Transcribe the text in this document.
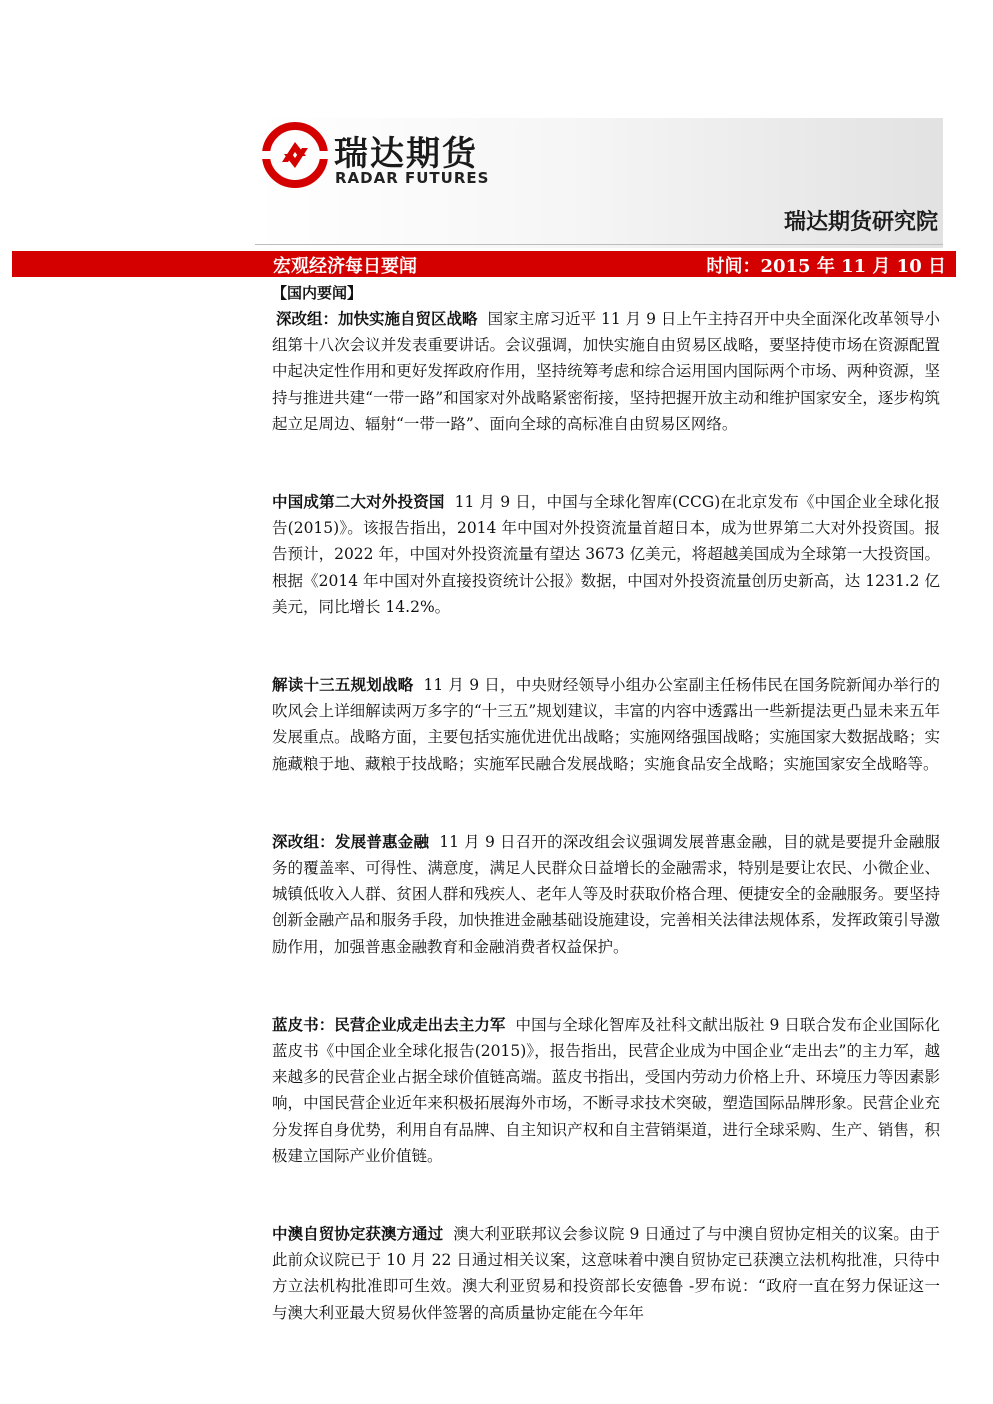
瑞达期货
RADAR FUTURES
瑞达期货研究院
宏观经济每日要闻	时间：2015 年 11 月 10 日
【国内要闻】

深改组：加快实施自贸区战略 国家主席习近平 11 月 9 日上午主持召开中央全面深化改革领导小组第十八次会议并发表重要讲话。会议强调，加快实施自由贸易区战略，要坚持使市场在资源配置中起决定性作用和更好发挥政府作用，坚持统筹考虑和综合运用国内国际两个市场、两种资源，坚持与推进共建“一带一路”和国家对外战略紧密衔接，坚持把握开放主动和维护国家安全，逐步构筑起立足周边、辐射“一带一路”、面向全球的高标准自由贸易区网络。

中国成第二大对外投资国 11 月 9 日，中国与全球化智库(CCG)在北京发布《中国企业全球化报告(2015)》。该报告指出，2014 年中国对外投资流量首超日本，成为世界第二大对外投资国。报告预计，2022 年，中国对外投资流量有望达 3673 亿美元，将超越美国成为全球第一大投资国。根据《2014 年中国对外直接投资统计公报》数据，中国对外投资流量创历史新高，达 1231.2 亿美元，同比增长 14.2%。

解读十三五规划战略 11 月 9 日，中央财经领导小组办公室副主任杨伟民在国务院新闻办举行的吹风会上详细解读两万多字的“十三五”规划建议，丰富的内容中透露出一些新提法更凸显未来五年发展重点。战略方面，主要包括实施优进优出战略；实施网络强国战略；实施国家大数据战略；实施藏粮于地、藏粮于技战略；实施军民融合发展战略；实施食品安全战略；实施国家安全战略等。

深改组：发展普惠金融 11 月 9 日召开的深改组会议强调发展普惠金融，目的就是要提升金融服务的覆盖率、可得性、满意度，满足人民群众日益增长的金融需求，特别是要让农民、小微企业、城镇低收入人群、贫困人群和残疾人、老年人等及时获取价格合理、便捷安全的金融服务。要坚持创新金融产品和服务手段，加快推进金融基础设施建设，完善相关法律法规体系，发挥政策引导激励作用，加强普惠金融教育和金融消费者权益保护。

蓝皮书：民营企业成走出去主力军 中国与全球化智库及社科文献出版社 9 日联合发布企业国际化蓝皮书《中国企业全球化报告(2015)》，报告指出，民营企业成为中国企业“走出去”的主力军，越来越多的民营企业占据全球价值链高端。蓝皮书指出，受国内劳动力价格上升、环境压力等因素影响，中国民营企业近年来积极拓展海外市场，不断寻求技术突破，塑造国际品牌形象。民营企业充分发挥自身优势，利用自有品牌、自主知识产权和自主营销渠道，进行全球采购、生产、销售，积极建立国际产业价值链。

中澳自贸协定获澳方通过 澳大利亚联邦议会参议院 9 日通过了与中澳自贸协定相关的议案。由于此前众议院已于 10 月 22 日通过相关议案，这意味着中澳自贸协定已获澳立法机构批准，只待中方立法机构批准即可生效。澳大利亚贸易和投资部长安德鲁 -罗布说：“政府一直在努力保证这一与澳大利亚最大贸易伙伴签署的高质量协定能在今年年
